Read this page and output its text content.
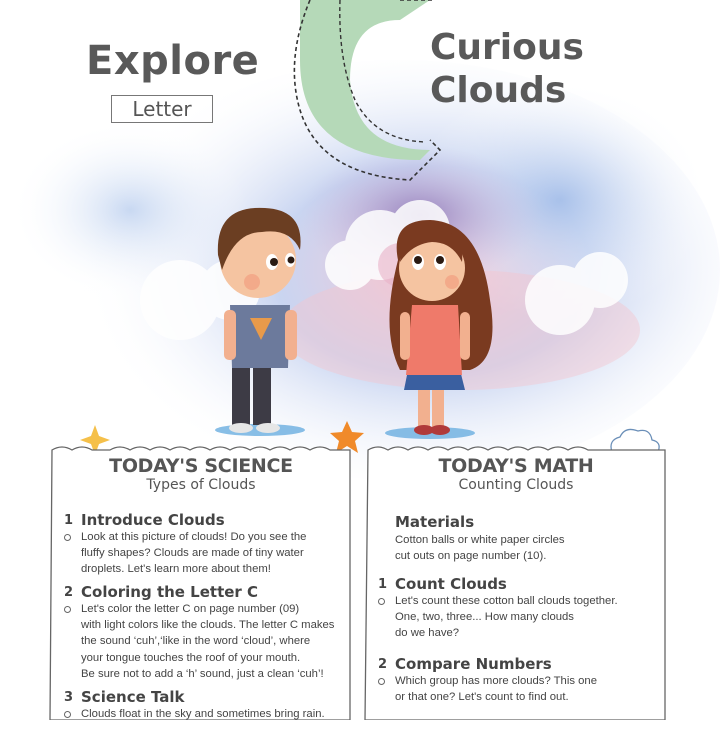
Explore
Letter
Curious
Clouds
TODAY'S SCIENCE
Types of Clouds
1 Introduce Clouds
Look at this picture of clouds! Do you see the
fluffy shapes? Clouds are made of tiny water
droplets. Let's learn more about them!
2 Coloring the Letter C
Let's color the letter C on page number (09)
with light colors like the clouds. The letter C makes
the sound ‘cuh’,‘like in the word ‘cloud’, where
your tongue touches the roof of your mouth.
Be sure not to add a ‘h’ sound, just a clean ‘cuh’!
3 Science Talk
Clouds float in the sky and sometimes bring rain.
TODAY'S MATH
Counting Clouds
Materials
Cotton balls or white paper circles
cut outs on page number (10).
1 Count Clouds
Let's count these cotton ball clouds together.
One, two, three... How many clouds
do we have?
2 Compare Numbers
Which group has more clouds? This one
or that one? Let's count to find out.
